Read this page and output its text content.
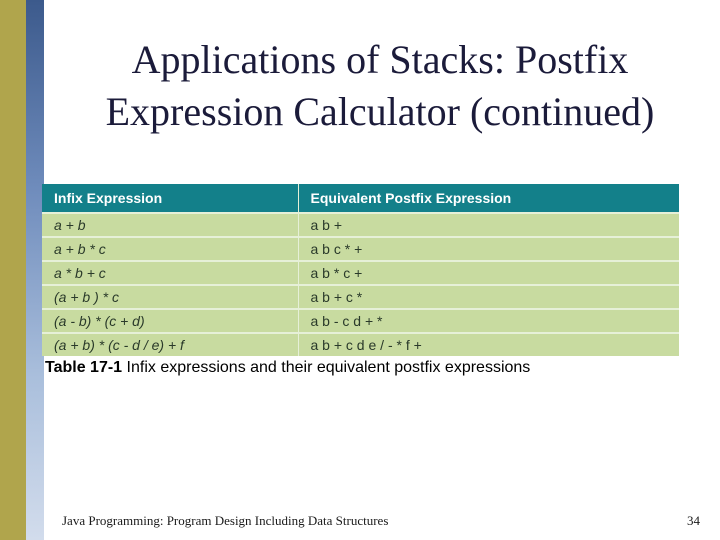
Applications of Stacks: Postfix
Expression Calculator (continued)
Infix Expression	Equivalent Postfix Expression
a + b	a b +
a + b * c	a b c * +
a * b + c	a b * c +
(a + b ) * c	a b + c *
(a - b) * (c + d)	a b - c d + *
(a + b) * (c - d / e) + f	a b + c d e / - * f +
Table 17-1 Infix expressions and their equivalent postfix expressions
Java Programming: Program Design Including Data Structures	34
